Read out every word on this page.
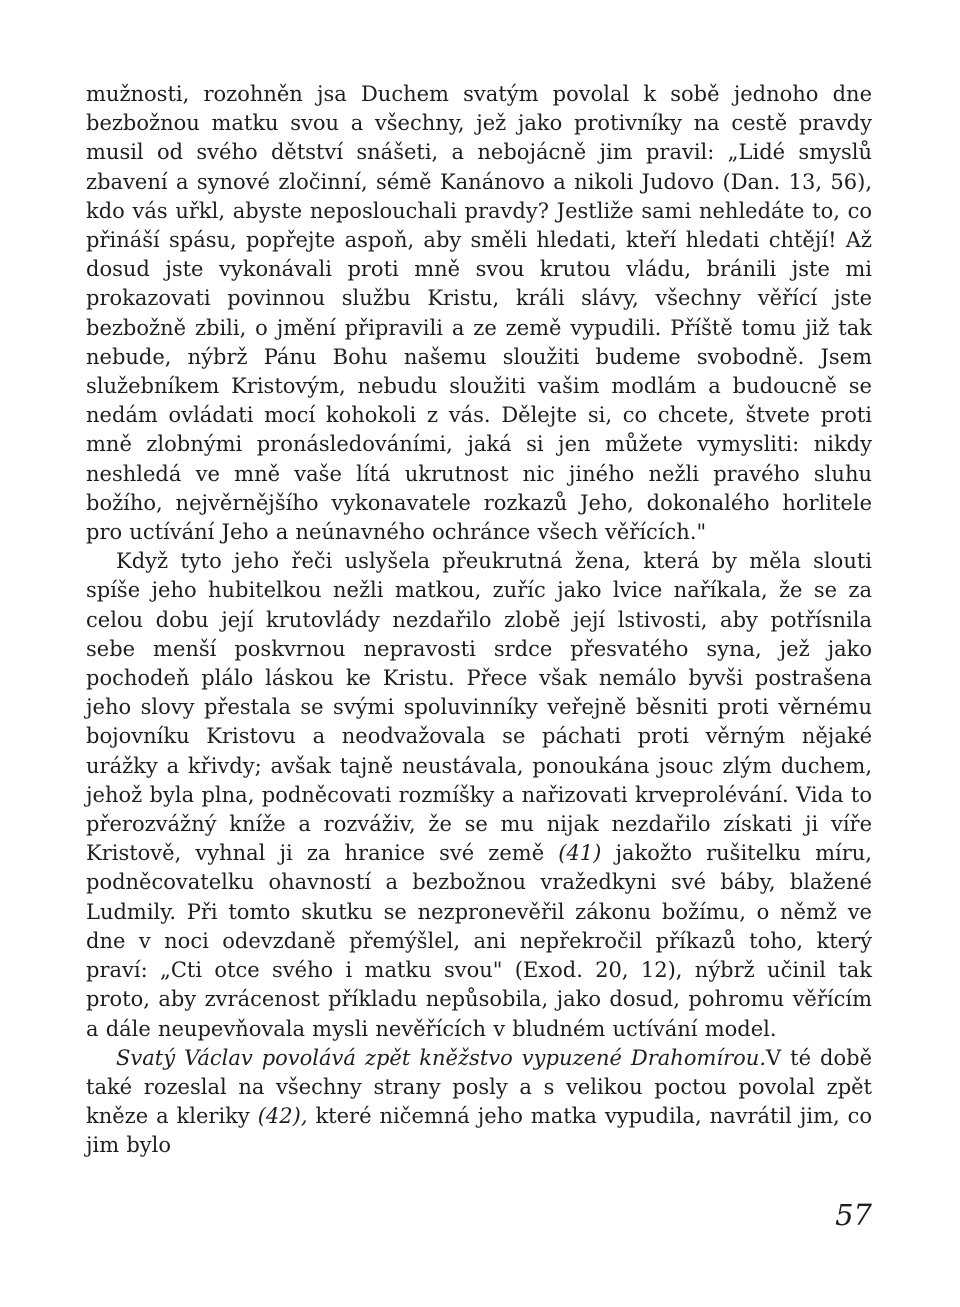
mužnosti, rozohněn jsa Duchem svatým povolal k sobě jednoho dne bezbožnou matku svou a všechny, jež jako protivníky na cestě pravdy musil od svého dětství snášeti, a nebojácně jim pravil: „Lidé smyslů zbavení a synové zločinní, sémě Kanánovo a nikoli Judovo (Dan. 13, 56), kdo vás uřkl, abyste neposlouchali pravdy? Jestliže sami nehledáte to, co přináší spásu, popřejte aspoň, aby směli hledati, kteří hledati chtějí! Až dosud jste vykonávali proti mně svou krutou vládu, bránili jste mi prokazovati povinnou službu Kristu, králi slávy, všechny věřící jste bezbožně zbili, o jmění připravili a ze země vypudili. Příště tomu již tak nebude, nýbrž Pánu Bohu našemu sloužiti budeme svobodně. Jsem služebníkem Kristovým, nebudu sloužiti vašim modlám a budoucně se nedám ovládati mocí kohokoli z vás. Dělejte si, co chcete, štvete proti mně zlobnými pronásledováními, jaká si jen můžete vymysliti: nikdy neshledá ve mně vaše lítá ukrutnost nic jiného nežli pravého sluhu božího, nejvěrnějšího vykonavatele rozkazů Jeho, dokonalého horlitele pro uctívání Jeho a neúnavného ochránce všech věřících."

Když tyto jeho řeči uslyšela přeukrutná žena, která by měla slouti spíše jeho hubitelkou nežli matkou, zuříc jako lvice naříkala, že se za celou dobu její krutovlády nezdařilo zlobě její lstivosti, aby potřísnila sebe menší poskvrnou nepravosti srdce přesvatého syna, jež jako pochodeň plálo láskou ke Kristu. Přece však nemálo byvši postrašena jeho slovy přestala se svými spoluvinníky veřejně běsniti proti věrnému bojovníku Kristovu a neodvažovala se páchati proti věrným nějaké urážky a křivdy; avšak tajně neustávala, ponoukána jsouc zlým duchem, jehož byla plna, podněcovati rozmíšky a nařizovati krveprolévání. Vida to přerozvážný kníže a rozváživ, že se mu nijak nezdařilo získati ji víře Kristově, vyhnal ji za hranice své země (41) jakožto rušitelku míru, podněcovatelku ohavností a bezbožnou vražedkyni své báby, blažené Ludmily. Při tomto skutku se nezpronevěřil zákonu božímu, o němž ve dne v noci odevzdaně přemýšlel, ani nepřekročil příkazů toho, který praví: „Cti otce svého i matku svou" (Exod. 20, 12), nýbrž učinil tak proto, aby zvrácenost příkladu nepůsobila, jako dosud, pohromu věřícím a dále neupevňovala mysli nevěřících v bludném uctívání model.

Svatý Václav povolává zpět kněžstvo vypuzené Drahomírou.V té době také rozeslal na všechny strany posly a s velikou poctou povolal zpět kněze a kleriky (42), které ničemná jeho matka vypudila, navrátil jim, co jim bylo

57
